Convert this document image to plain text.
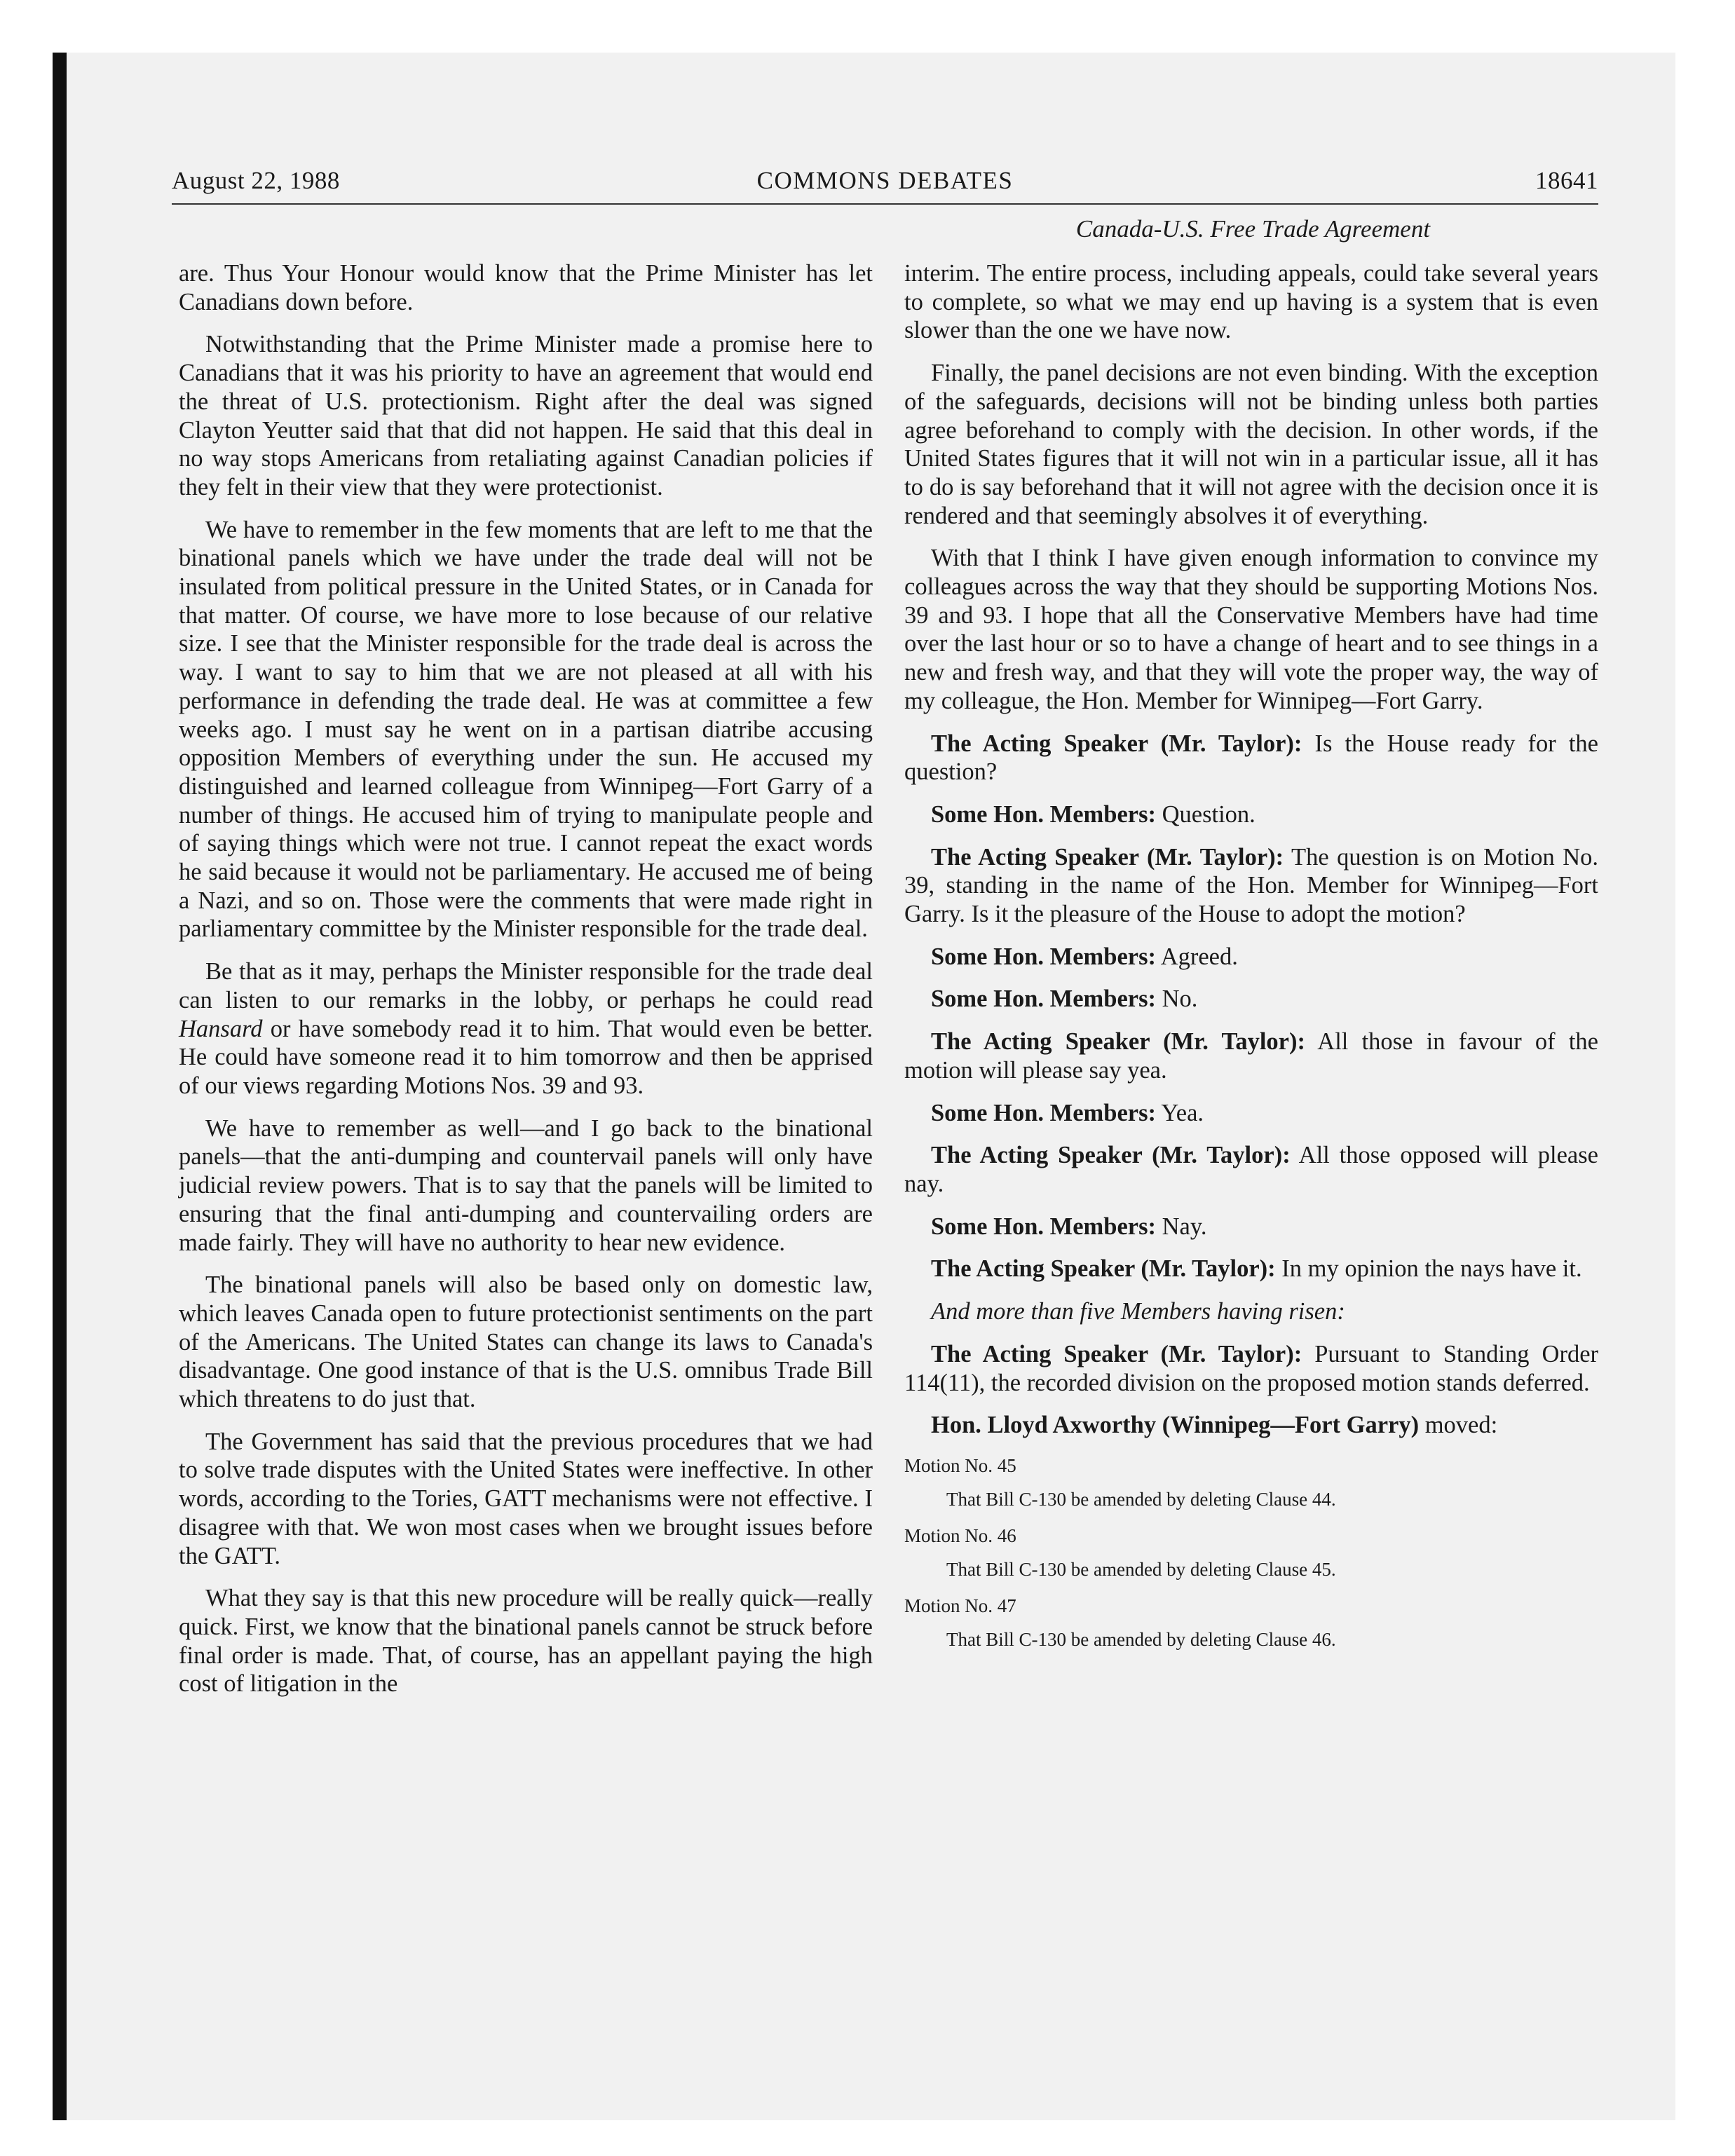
August 22, 1988	COMMONS DEBATES	18641
Canada-U.S. Free Trade Agreement

are. Thus Your Honour would know that the Prime Minister has let Canadians down before.

Notwithstanding that the Prime Minister made a promise here to Canadians that it was his priority to have an agreement that would end the threat of U.S. protectionism. Right after the deal was signed Clayton Yeutter said that that did not happen. He said that this deal in no way stops Americans from retaliating against Canadian policies if they felt in their view that they were protectionist.

We have to remember in the few moments that are left to me that the binational panels which we have under the trade deal will not be insulated from political pressure in the United States, or in Canada for that matter. Of course, we have more to lose because of our relative size. I see that the Minister responsible for the trade deal is across the way. I want to say to him that we are not pleased at all with his performance in defending the trade deal. He was at committee a few weeks ago. I must say he went on in a partisan diatribe accusing opposition Members of everything under the sun. He accused my distinguished and learned colleague from Winnipeg—Fort Garry of a number of things. He accused him of trying to manipulate people and of saying things which were not true. I cannot repeat the exact words he said because it would not be parliamentary. He accused me of being a Nazi, and so on. Those were the comments that were made right in parliamentary committee by the Minister responsible for the trade deal.

Be that as it may, perhaps the Minister responsible for the trade deal can listen to our remarks in the lobby, or perhaps he could read Hansard or have somebody read it to him. That would even be better. He could have someone read it to him tomorrow and then be apprised of our views regarding Motions Nos. 39 and 93.

We have to remember as well—and I go back to the binational panels—that the anti-dumping and countervail panels will only have judicial review powers. That is to say that the panels will be limited to ensuring that the final anti-dumping and countervailing orders are made fairly. They will have no authority to hear new evidence.

The binational panels will also be based only on domestic law, which leaves Canada open to future protectionist sentiments on the part of the Americans. The United States can change its laws to Canada's disadvantage. One good instance of that is the U.S. omnibus Trade Bill which threatens to do just that.

The Government has said that the previous procedures that we had to solve trade disputes with the United States were ineffective. In other words, according to the Tories, GATT mechanisms were not effective. I disagree with that. We won most cases when we brought issues before the GATT.

What they say is that this new procedure will be really quick—really quick. First, we know that the binational panels cannot be struck before final order is made. That, of course, has an appellant paying the high cost of litigation in the

interim. The entire process, including appeals, could take several years to complete, so what we may end up having is a system that is even slower than the one we have now.

Finally, the panel decisions are not even binding. With the exception of the safeguards, decisions will not be binding unless both parties agree beforehand to comply with the decision. In other words, if the United States figures that it will not win in a particular issue, all it has to do is say beforehand that it will not agree with the decision once it is rendered and that seemingly absolves it of everything.

With that I think I have given enough information to convince my colleagues across the way that they should be supporting Motions Nos. 39 and 93. I hope that all the Conservative Members have had time over the last hour or so to have a change of heart and to see things in a new and fresh way, and that they will vote the proper way, the way of my colleague, the Hon. Member for Winnipeg—Fort Garry.

The Acting Speaker (Mr. Taylor): Is the House ready for the question?

Some Hon. Members: Question.

The Acting Speaker (Mr. Taylor): The question is on Motion No. 39, standing in the name of the Hon. Member for Winnipeg—Fort Garry. Is it the pleasure of the House to adopt the motion?

Some Hon. Members: Agreed.

Some Hon. Members: No.

The Acting Speaker (Mr. Taylor): All those in favour of the motion will please say yea.

Some Hon. Members: Yea.

The Acting Speaker (Mr. Taylor): All those opposed will please nay.

Some Hon. Members: Nay.

The Acting Speaker (Mr. Taylor): In my opinion the nays have it.

And more than five Members having risen:

The Acting Speaker (Mr. Taylor): Pursuant to Standing Order 114(11), the recorded division on the proposed motion stands deferred.

Hon. Lloyd Axworthy (Winnipeg—Fort Garry) moved:

Motion No. 45

That Bill C-130 be amended by deleting Clause 44.

Motion No. 46

That Bill C-130 be amended by deleting Clause 45.

Motion No. 47

That Bill C-130 be amended by deleting Clause 46.
